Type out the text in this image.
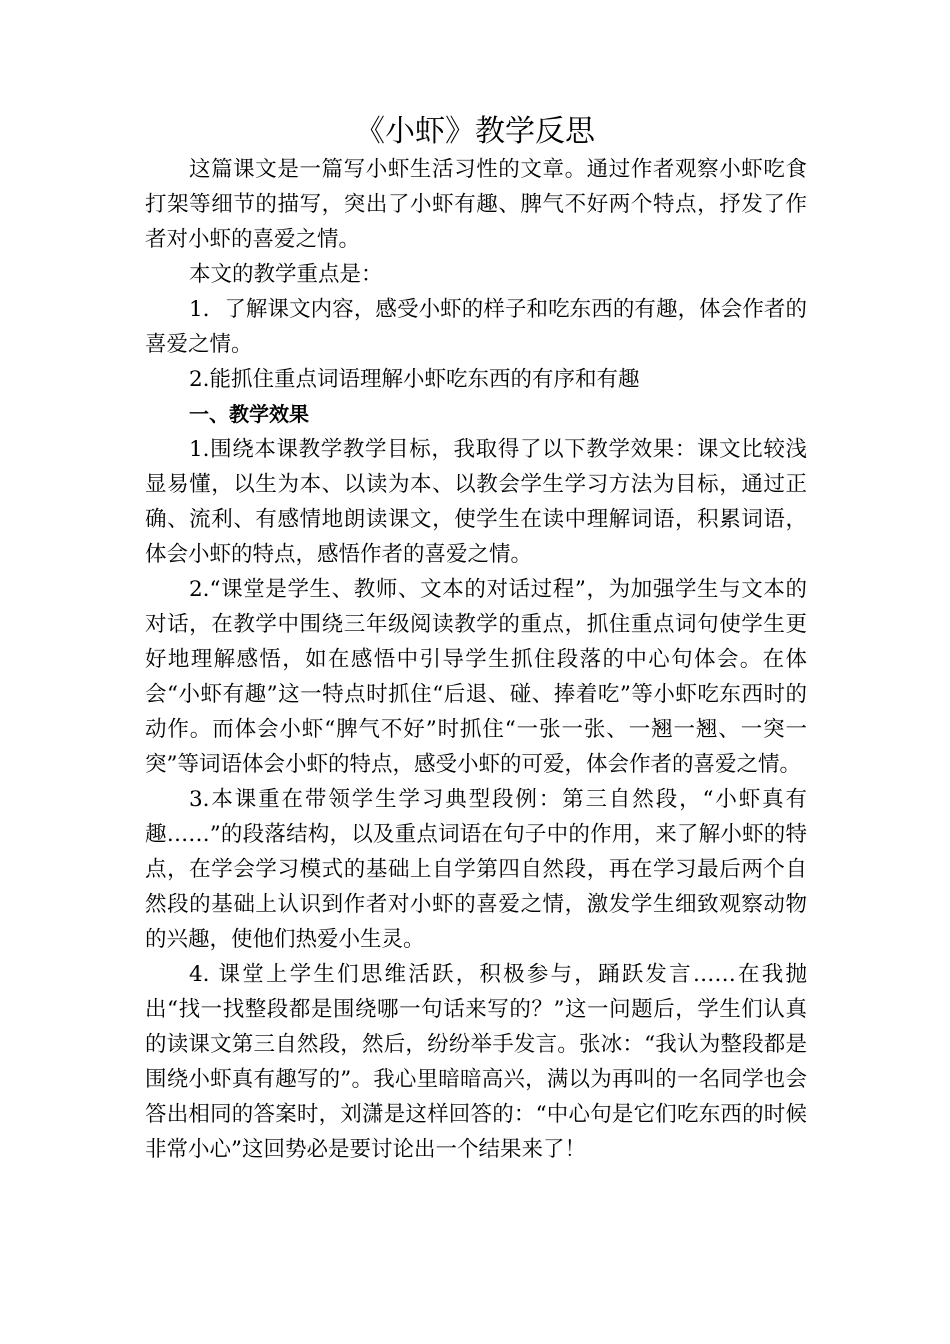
《小虾》教学反思

这篇课文是一篇写小虾生活习性的文章。通过作者观察小虾吃食打架等细节的描写，突出了小虾有趣、脾气不好两个特点，抒发了作者对小虾的喜爱之情。

本文的教学重点是：

1．了解课文内容，感受小虾的样子和吃东西的有趣，体会作者的喜爱之情。

2.能抓住重点词语理解小虾吃东西的有序和有趣

一、教学效果

1.围绕本课教学教学目标，我取得了以下教学效果：课文比较浅显易懂，以生为本、以读为本、以教会学生学习方法为目标，通过正确、流利、有感情地朗读课文，使学生在读中理解词语，积累词语，体会小虾的特点，感悟作者的喜爱之情。

2.“课堂是学生、教师、文本的对话过程”，为加强学生与文本的对话，在教学中围绕三年级阅读教学的重点，抓住重点词句使学生更好地理解感悟，如在感悟中引导学生抓住段落的中心句体会。在体会“小虾有趣”这一特点时抓住“后退、碰、捧着吃”等小虾吃东西时的动作。而体会小虾“脾气不好”时抓住“一张一张、一翘一翘、一突一突”等词语体会小虾的特点，感受小虾的可爱，体会作者的喜爱之情。

3.本课重在带领学生学习典型段例：第三自然段，“小虾真有趣……”的段落结构，以及重点词语在句子中的作用，来了解小虾的特点，在学会学习模式的基础上自学第四自然段，再在学习最后两个自然段的基础上认识到作者对小虾的喜爱之情，激发学生细致观察动物的兴趣，使他们热爱小生灵。

4. 课堂上学生们思维活跃，积极参与，踊跃发言……在我抛出“找一找整段都是围绕哪一句话来写的？”这一问题后，学生们认真的读课文第三自然段，然后，纷纷举手发言。张冰：“我认为整段都是围绕小虾真有趣写的”。我心里暗暗高兴，满以为再叫的一名同学也会答出相同的答案时，刘潇是这样回答的：“中心句是它们吃东西的时候非常小心”这回势必是要讨论出一个结果来了！
